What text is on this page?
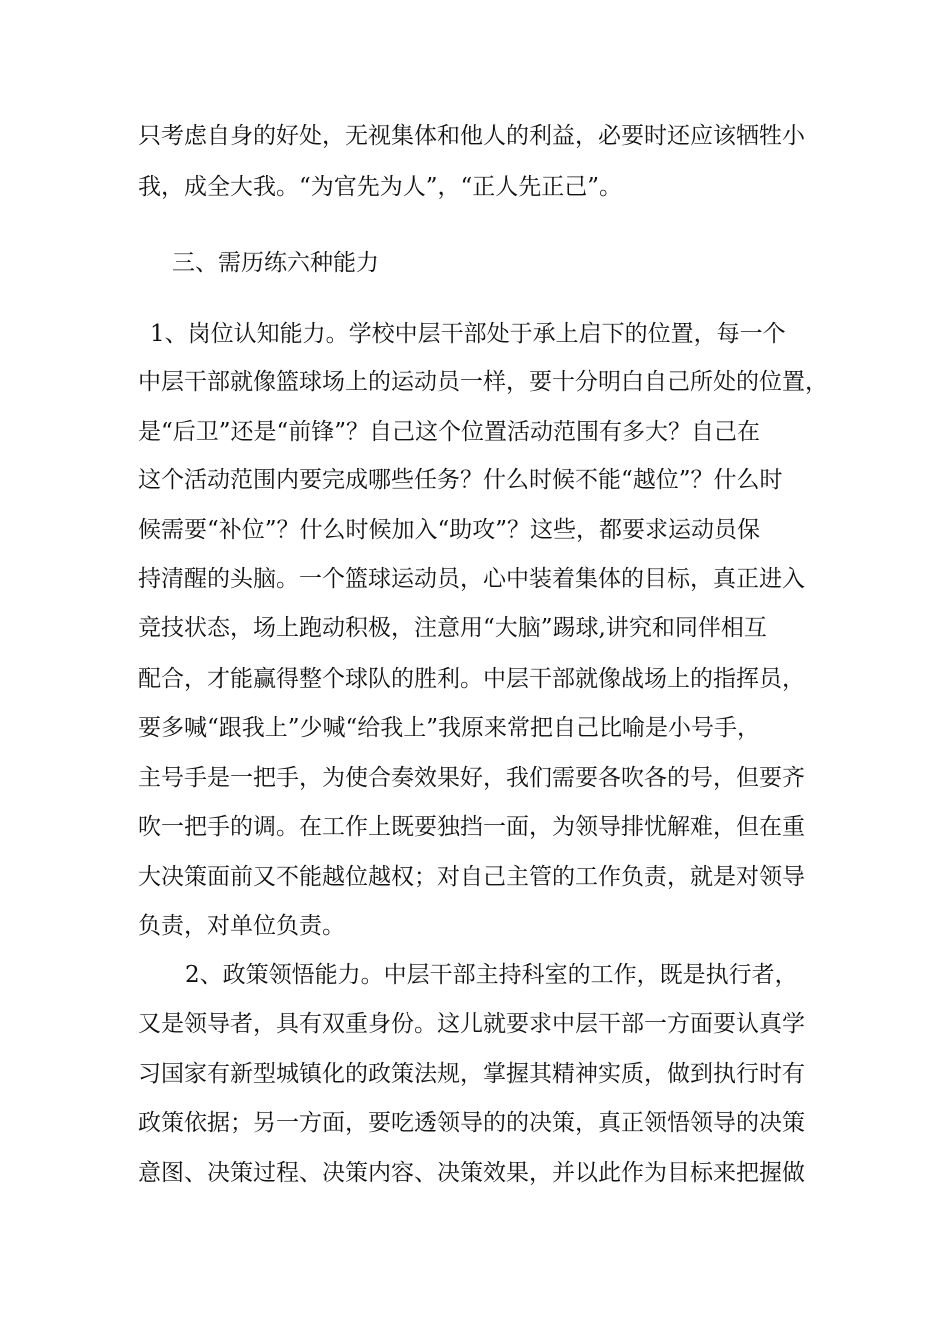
只考虑自身的好处，无视集体和他人的利益，必要时还应该牺牲小
我，成全大我。“为官先为人”，“正人先正己”。
三、需历练六种能力
1、岗位认知能力。学校中层干部处于承上启下的位置，每一个
中层干部就像篮球场上的运动员一样，要十分明白自己所处的位置，
是“后卫”还是“前锋”？自己这个位置活动范围有多大？自己在
这个活动范围内要完成哪些任务？什么时候不能“越位”？什么时
候需要“补位”？什么时候加入“助攻”？这些，都要求运动员保
持清醒的头脑。一个篮球运动员，心中装着集体的目标，真正进入
竞技状态，场上跑动积极，注意用“大脑”踢球,讲究和同伴相互
配合，才能赢得整个球队的胜利。中层干部就像战场上的指挥员，
要多喊“跟我上”少喊“给我上”我原来常把自己比喻是小号手，
主号手是一把手，为使合奏效果好，我们需要各吹各的号，但要齐
吹一把手的调。在工作上既要独挡一面，为领导排忧解难，但在重
大决策面前又不能越位越权；对自己主管的工作负责，就是对领导
负责，对单位负责。
2、政策领悟能力。中层干部主持科室的工作，既是执行者，
又是领导者，具有双重身份。这儿就要求中层干部一方面要认真学
习国家有新型城镇化的政策法规，掌握其精神实质，做到执行时有
政策依据；另一方面，要吃透领导的的决策，真正领悟领导的决策
意图、决策过程、决策内容、决策效果，并以此作为目标来把握做
